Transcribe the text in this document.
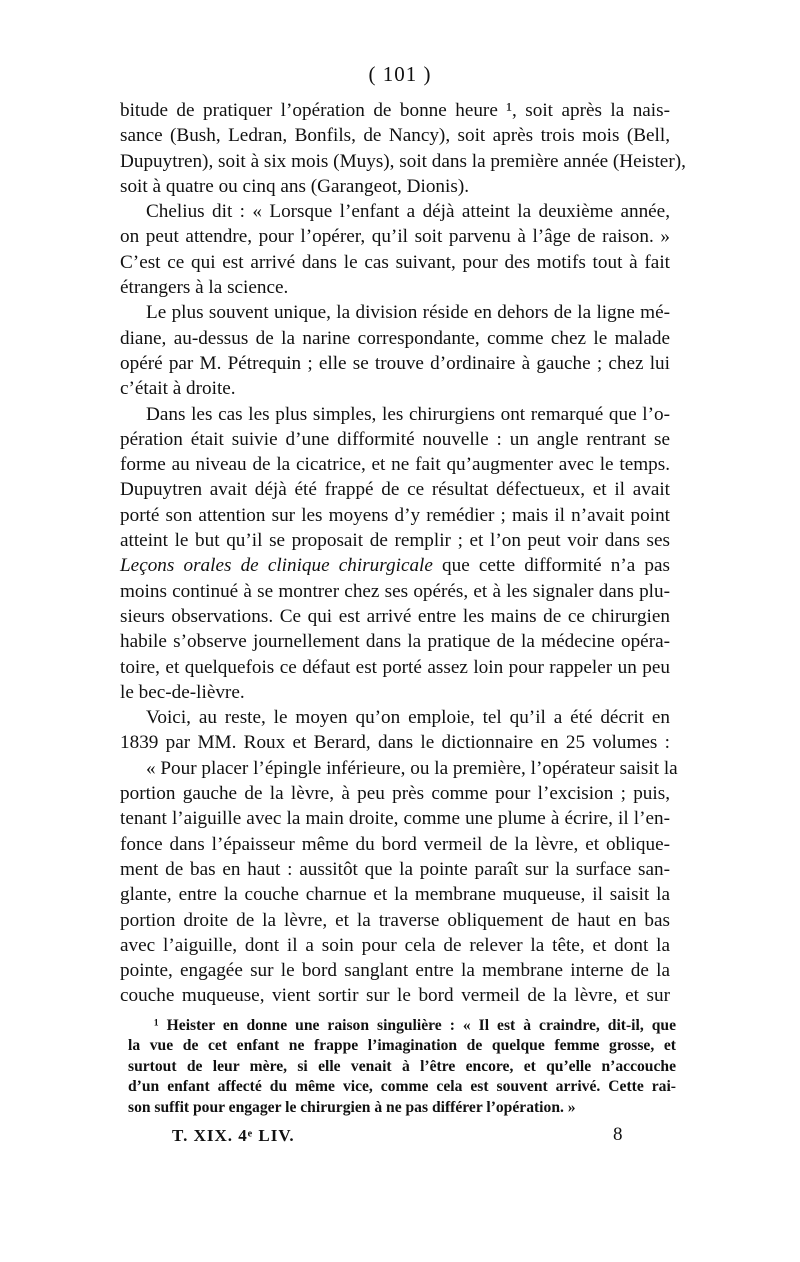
( 101 )
bitude de pratiquer l’opération de bonne heure ¹, soit après la nais-
sance (Bush, Ledran, Bonfils, de Nancy), soit après trois mois (Bell,
Dupuytren), soit à six mois (Muys), soit dans la première année (Heister),
soit à quatre ou cinq ans (Garangeot, Dionis).
Chelius dit : « Lorsque l’enfant a déjà atteint la deuxième année,
on peut attendre, pour l’opérer, qu’il soit parvenu à l’âge de raison. »
C’est ce qui est arrivé dans le cas suivant, pour des motifs tout à fait
étrangers à la science.
Le plus souvent unique, la division réside en dehors de la ligne mé-
diane, au-dessus de la narine correspondante, comme chez le malade
opéré par M. Pétrequin ; elle se trouve d’ordinaire à gauche ; chez lui
c’était à droite.
Dans les cas les plus simples, les chirurgiens ont remarqué que l’o-
pération était suivie d’une difformité nouvelle : un angle rentrant se
forme au niveau de la cicatrice, et ne fait qu’augmenter avec le temps.
Dupuytren avait déjà été frappé de ce résultat défectueux, et il avait
porté son attention sur les moyens d’y remédier ; mais il n’avait point
atteint le but qu’il se proposait de remplir ; et l’on peut voir dans ses
Leçons orales de clinique chirurgicale que cette difformité n’a pas
moins continué à se montrer chez ses opérés, et à les signaler dans plu-
sieurs observations. Ce qui est arrivé entre les mains de ce chirurgien
habile s’observe journellement dans la pratique de la médecine opéra-
toire, et quelquefois ce défaut est porté assez loin pour rappeler un peu
le bec-de-lièvre.
Voici, au reste, le moyen qu’on emploie, tel qu’il a été décrit en
1839 par MM. Roux et Berard, dans le dictionnaire en 25 volumes :
« Pour placer l’épingle inférieure, ou la première, l’opérateur saisit la
portion gauche de la lèvre, à peu près comme pour l’excision ; puis,
tenant l’aiguille avec la main droite, comme une plume à écrire, il l’en-
fonce dans l’épaisseur même du bord vermeil de la lèvre, et oblique-
ment de bas en haut : aussitôt que la pointe paraît sur la surface san-
glante, entre la couche charnue et la membrane muqueuse, il saisit la
portion droite de la lèvre, et la traverse obliquement de haut en bas
avec l’aiguille, dont il a soin pour cela de relever la tête, et dont la
pointe, engagée sur le bord sanglant entre la membrane interne de la
couche muqueuse, vient sortir sur le bord vermeil de la lèvre, et sur
¹ Heister en donne une raison singulière : « Il est à craindre, dit-il, que
la vue de cet enfant ne frappe l’imagination de quelque femme grosse, et
surtout de leur mère, si elle venait à l’être encore, et qu’elle n’accouche
d’un enfant affecté du même vice, comme cela est souvent arrivé. Cette rai-
son suffit pour engager le chirurgien à ne pas différer l’opération. »
T. XIX. 4ᵉ LIV.	8
